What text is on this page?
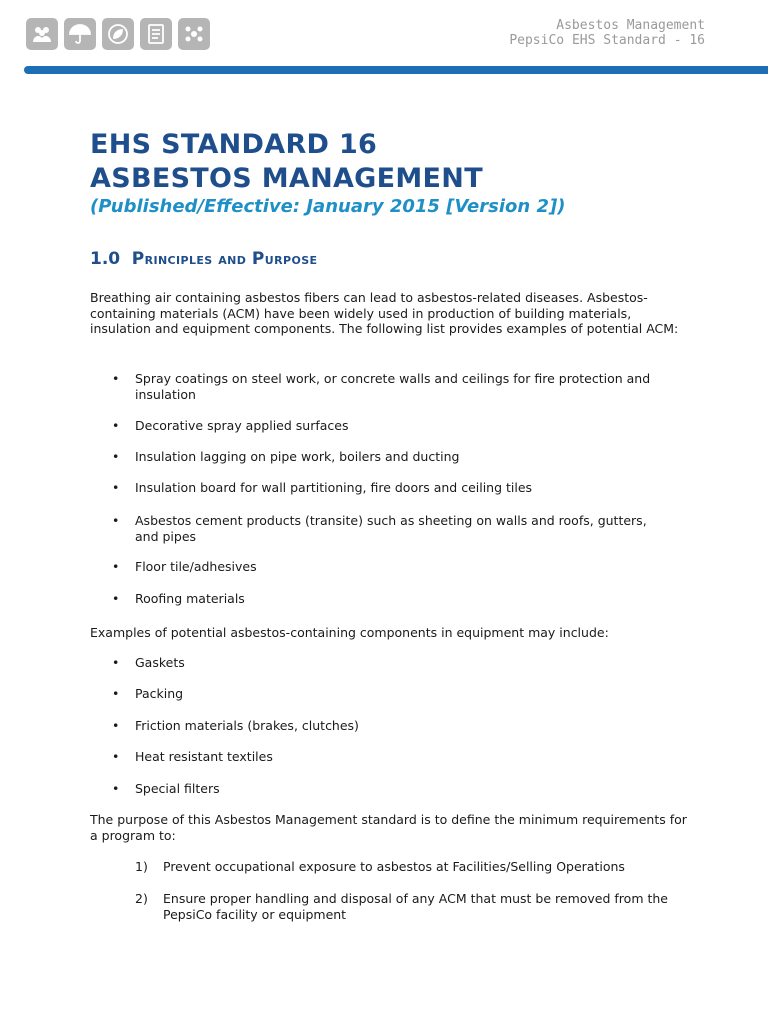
Asbestos Management
PepsiCo EHS Standard - 16
EHS STANDARD 16
ASBESTOS MANAGEMENT
(Published/Effective: January 2015 [Version 2])
1.0 Principles and Purpose

Breathing air containing asbestos fibers can lead to asbestos-related diseases. Asbestos-containing materials (ACM) have been widely used in production of building materials, insulation and equipment components. The following list provides examples of potential ACM:

• Spray coatings on steel work, or concrete walls and ceilings for fire protection and insulation
• Decorative spray applied surfaces
• Insulation lagging on pipe work, boilers and ducting
• Insulation board for wall partitioning, fire doors and ceiling tiles
• Asbestos cement products (transite) such as sheeting on walls and roofs, gutters, and pipes
• Floor tile/adhesives
• Roofing materials

Examples of potential asbestos-containing components in equipment may include:

• Gaskets
• Packing
• Friction materials (brakes, clutches)
• Heat resistant textiles
• Special filters

The purpose of this Asbestos Management standard is to define the minimum requirements for a program to:

1) Prevent occupational exposure to asbestos at Facilities/Selling Operations
2) Ensure proper handling and disposal of any ACM that must be removed from the PepsiCo facility or equipment
